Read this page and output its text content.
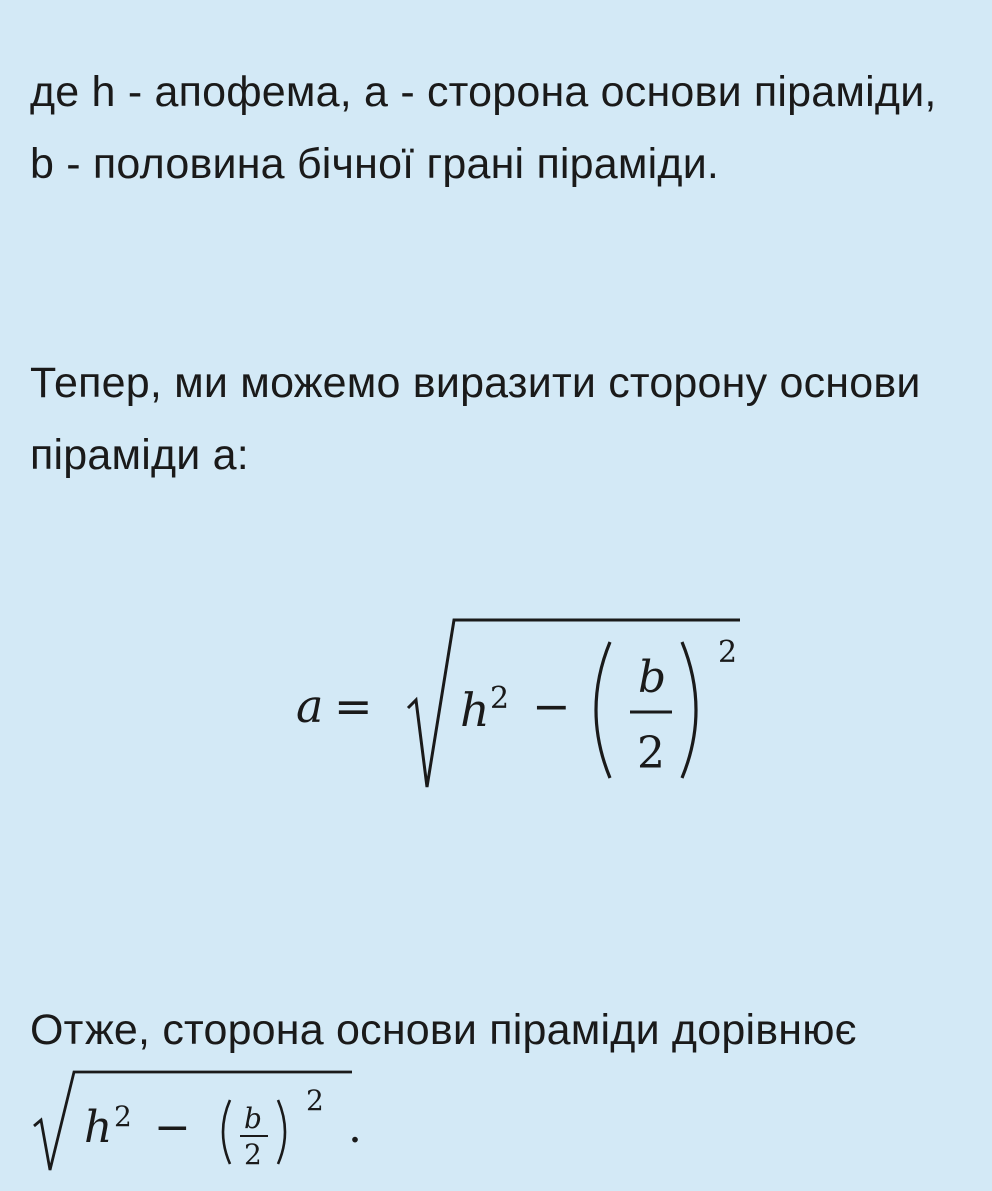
де h - апофема, a - сторона основи піраміди, b - половина бічної грані піраміди.

Тепер, ми можемо виразити сторону основи піраміди a:

a = h 2 −
b
2
2

Отже, сторона основи піраміди дорівнює

h 2 − b
2
2
.
